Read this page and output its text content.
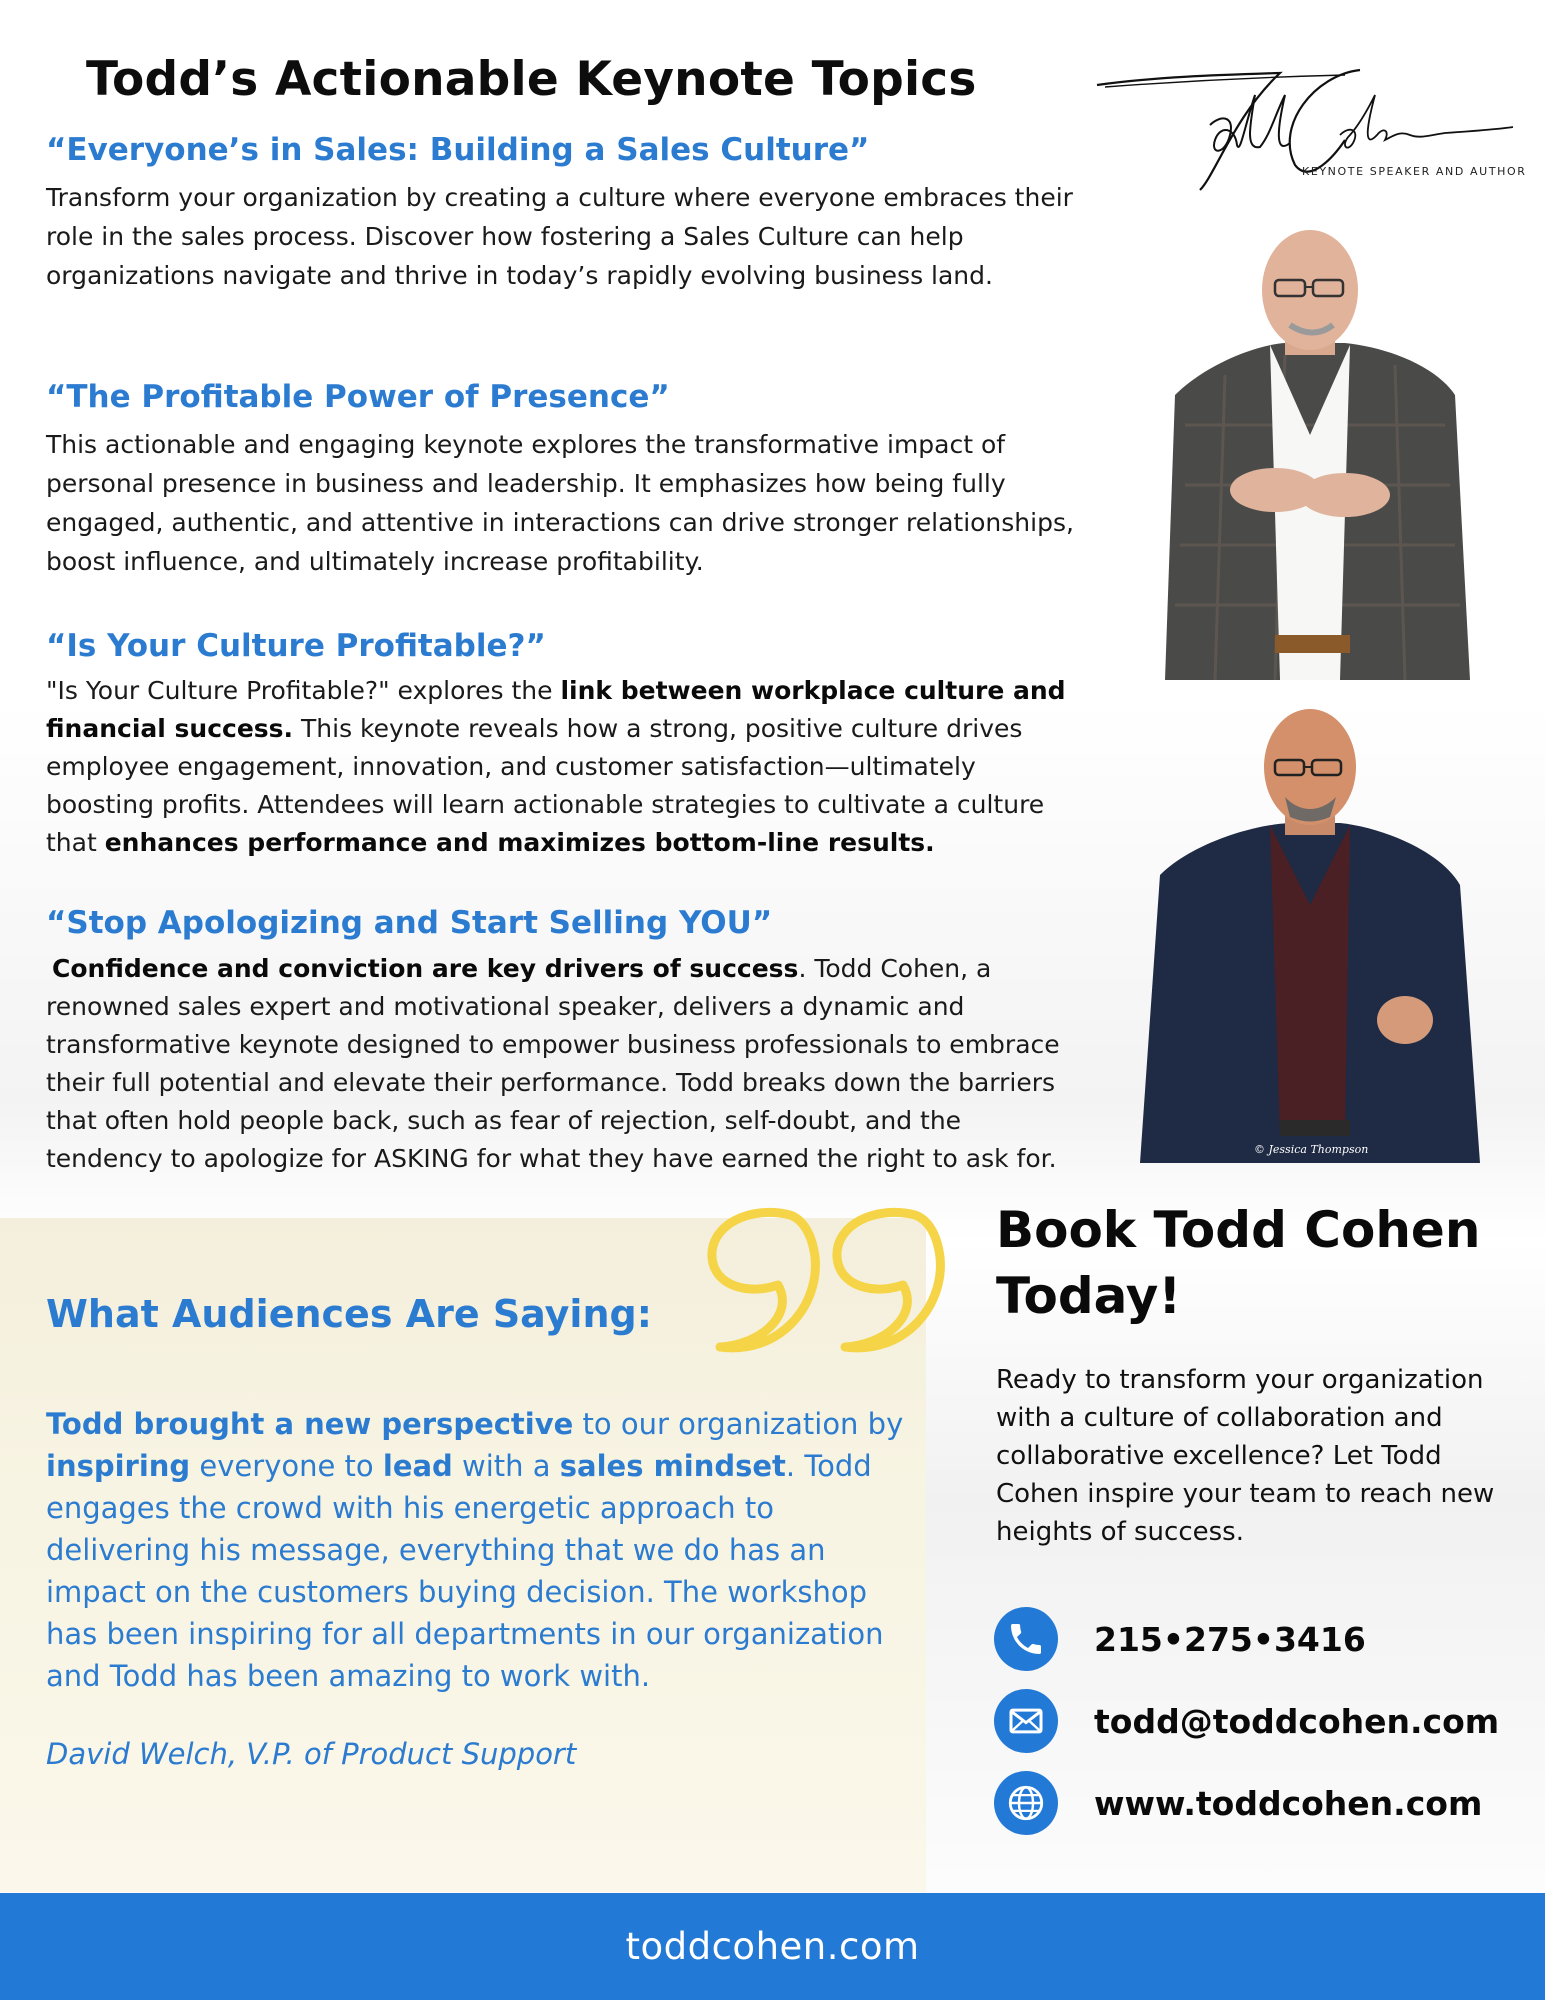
Todd’s Actionable Keynote Topics
KEYNOTE SPEAKER AND AUTHOR
© Jessica Thompson
“Everyone’s in Sales: Building a Sales Culture”
Transform your organization by creating a culture where everyone embraces their role in the sales process. Discover how fostering a Sales Culture can help organizations navigate and thrive in today’s rapidly evolving business land.
“The Profitable Power of Presence”
This actionable and engaging keynote explores the transformative impact of personal presence in business and leadership. It emphasizes how being fully engaged, authentic, and attentive in interactions can drive stronger relationships, boost influence, and ultimately increase profitability.
“Is Your Culture Profitable?”
"Is Your Culture Profitable?" explores the link between workplace culture and financial success. This keynote reveals how a strong, positive culture drives employee engagement, innovation, and customer satisfaction—ultimately boosting profits. Attendees will learn actionable strategies to cultivate a culture that enhances performance and maximizes bottom-line results.
“Stop Apologizing and Start Selling YOU”
Confidence and conviction are key drivers of success. Todd Cohen, a renowned sales expert and motivational speaker, delivers a dynamic and transformative keynote designed to empower business professionals to embrace their full potential and elevate their performance. Todd breaks down the barriers that often hold people back, such as fear of rejection, self-doubt, and the tendency to apologize for ASKING for what they have earned the right to ask for.
What Audiences Are Saying:
Todd brought a new perspective to our organization by inspiring everyone to lead with a sales mindset. Todd engages the crowd with his energetic approach to delivering his message, everything that we do has an impact on the customers buying decision. The workshop has been inspiring for all departments in our organization and Todd has been amazing to work with.
David Welch, V.P. of Product Support
Book Todd Cohen Today!
Ready to transform your organization with a culture of collaboration and collaborative excellence? Let Todd Cohen inspire your team to reach new heights of success.
215•275•3416
todd@toddcohen.com
www.toddcohen.com
toddcohen.com
